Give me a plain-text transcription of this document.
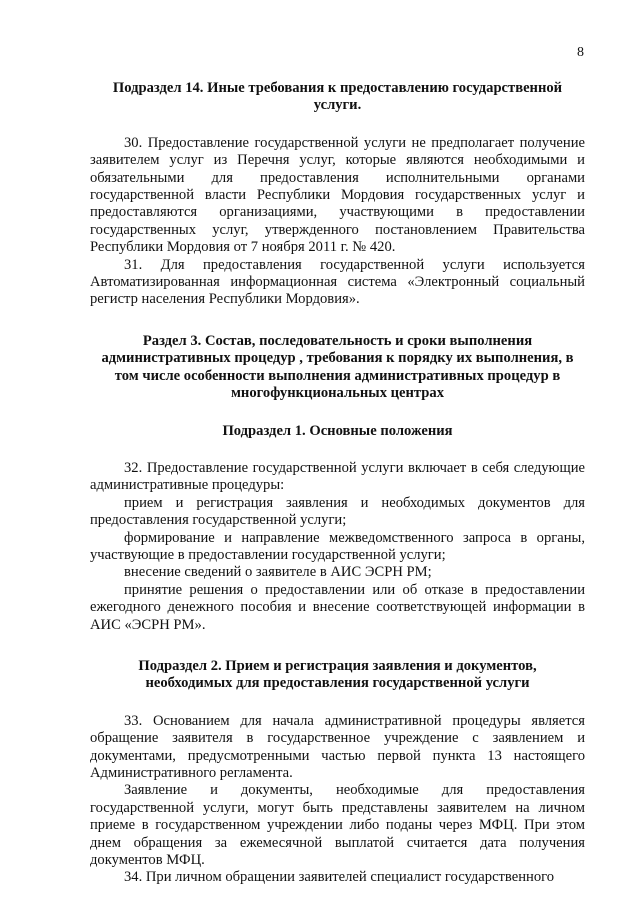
8
Подраздел 14. Иные требования к предоставлению государственной
услуги.

30. Предоставление государственной услуги не предполагает получение заявителем услуг из Перечня услуг, которые являются необходимыми и обязательными для предоставления исполнительными органами государственной власти Республики Мордовия государственных услуг и предоставляются организациями, участвующими в предоставлении государственных услуг, утвержденного постановлением Правительства Республики Мордовия от 7 ноября 2011 г. № 420.

31. Для предоставления государственной услуги используется Автоматизированная информационная система «Электронный социальный регистр населения Республики Мордовия».

Раздел 3. Состав, последовательность и сроки выполнения
административных процедур , требования к порядку их выполнения, в
том числе особенности выполнения административных процедур в
многофункциональных центрах
Подраздел 1. Основные положения

32. Предоставление государственной услуги включает в себя следующие административные процедуры:

прием и регистрация заявления и необходимых документов для предоставления государственной услуги;

формирование и направление межведомственного запроса в органы, участвующие в предоставлении государственной услуги;

внесение сведений о заявителе в АИС ЭСРН РМ;

принятие решения о предоставлении или об отказе в предоставлении ежегодного денежного пособия и внесение соответствующей информации в АИС «ЭСРН РМ».

Подраздел 2. Прием и регистрация заявления и документов,
необходимых для предоставления государственной услуги

33. Основанием для начала административной процедуры является обращение заявителя в государственное учреждение с заявлением и документами, предусмотренными частью первой пункта 13 настоящего Административного регламента.

Заявление и документы, необходимые для предоставления государственной услуги, могут быть представлены заявителем на личном приеме в государственном учреждении либо поданы через МФЦ. При этом днем обращения за ежемесячной выплатой считается дата получения документов МФЦ.

34. При личном обращении заявителей специалист государственного
